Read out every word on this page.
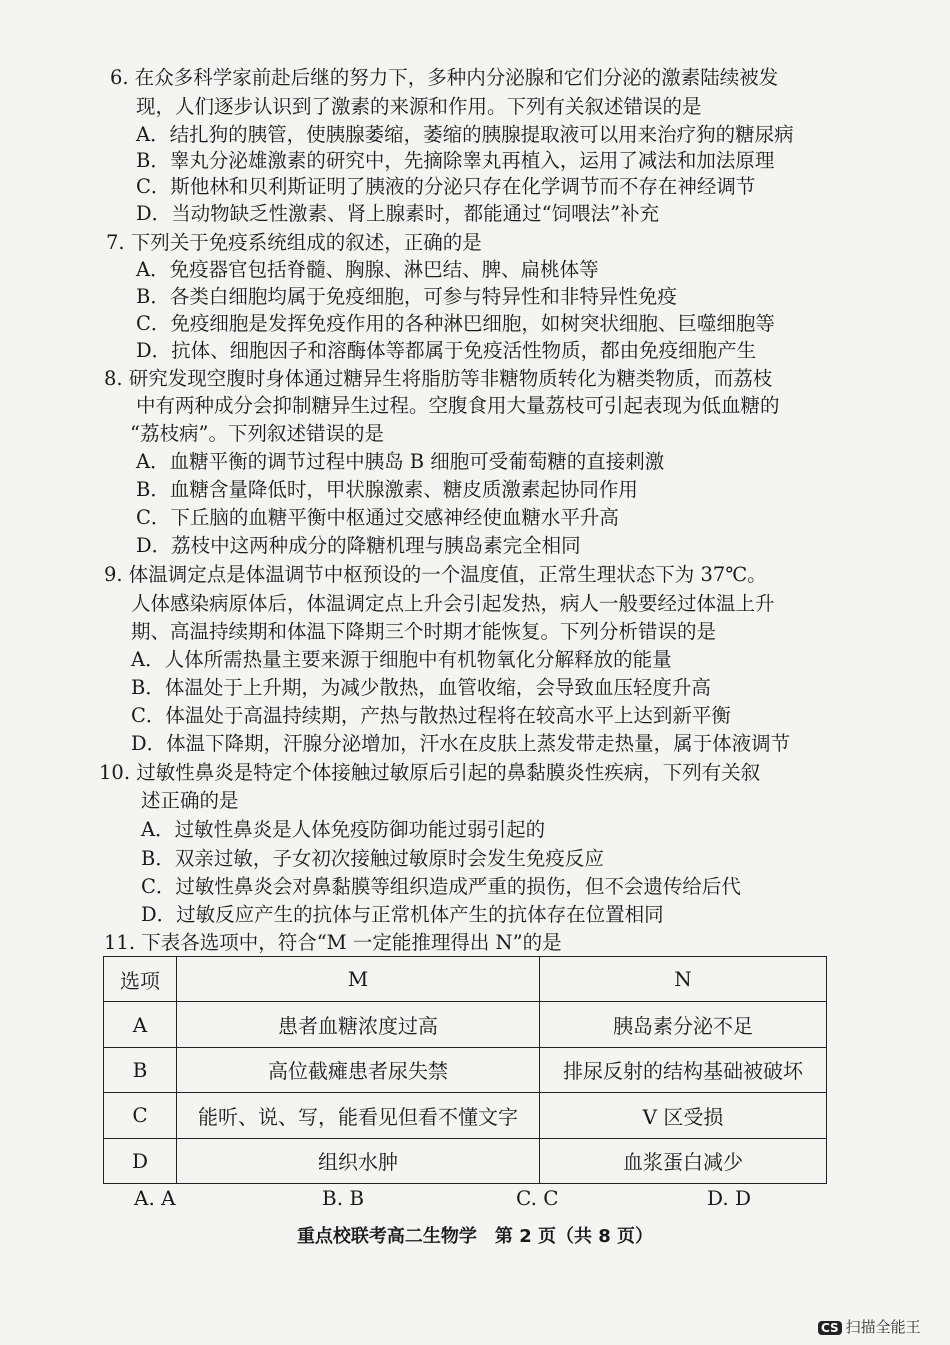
6. 在众多科学家前赴后继的努力下，多种内分泌腺和它们分泌的激素陆续被发
现，人们逐步认识到了激素的来源和作用。下列有关叙述错误的是
A．结扎狗的胰管，使胰腺萎缩，萎缩的胰腺提取液可以用来治疗狗的糖尿病
B．睾丸分泌雄激素的研究中，先摘除睾丸再植入，运用了减法和加法原理
C．斯他林和贝利斯证明了胰液的分泌只存在化学调节而不存在神经调节
D．当动物缺乏性激素、肾上腺素时，都能通过“饲喂法”补充
7. 下列关于免疫系统组成的叙述，正确的是
A．免疫器官包括脊髓、胸腺、淋巴结、脾、扁桃体等
B．各类白细胞均属于免疫细胞，可参与特异性和非特异性免疫
C．免疫细胞是发挥免疫作用的各种淋巴细胞，如树突状细胞、巨噬细胞等
D．抗体、细胞因子和溶酶体等都属于免疫活性物质，都由免疫细胞产生
8. 研究发现空腹时身体通过糖异生将脂肪等非糖物质转化为糖类物质，而荔枝
中有两种成分会抑制糖异生过程。空腹食用大量荔枝可引起表现为低血糖的
“荔枝病”。下列叙述错误的是
A．血糖平衡的调节过程中胰岛 B 细胞可受葡萄糖的直接刺激
B．血糖含量降低时，甲状腺激素、糖皮质激素起协同作用
C．下丘脑的血糖平衡中枢通过交感神经使血糖水平升高
D．荔枝中这两种成分的降糖机理与胰岛素完全相同
9. 体温调定点是体温调节中枢预设的一个温度值，正常生理状态下为 37℃。
人体感染病原体后，体温调定点上升会引起发热，病人一般要经过体温上升
期、高温持续期和体温下降期三个时期才能恢复。下列分析错误的是
A．人体所需热量主要来源于细胞中有机物氧化分解释放的能量
B．体温处于上升期，为减少散热，血管收缩，会导致血压轻度升高
C．体温处于高温持续期，产热与散热过程将在较高水平上达到新平衡
D．体温下降期，汗腺分泌增加，汗水在皮肤上蒸发带走热量，属于体液调节
10. 过敏性鼻炎是特定个体接触过敏原后引起的鼻黏膜炎性疾病，下列有关叙
述正确的是
A．过敏性鼻炎是人体免疫防御功能过弱引起的
B．双亲过敏，子女初次接触过敏原时会发生免疫反应
C．过敏性鼻炎会对鼻黏膜等组织造成严重的损伤，但不会遗传给后代
D．过敏反应产生的抗体与正常机体产生的抗体存在位置相同
11. 下表各选项中，符合“M 一定能推理得出 N”的是
选项	M	N
A	患者血糖浓度过高	胰岛素分泌不足
B	高位截瘫患者尿失禁	排尿反射的结构基础被破坏
C	能听、说、写，能看见但看不懂文字	V 区受损
D	组织水肿	血浆蛋白减少
A. A	B. B	C. C	D. D
重点校联考高二生物学　第 2 页（共 8 页）
CS 扫描全能王
